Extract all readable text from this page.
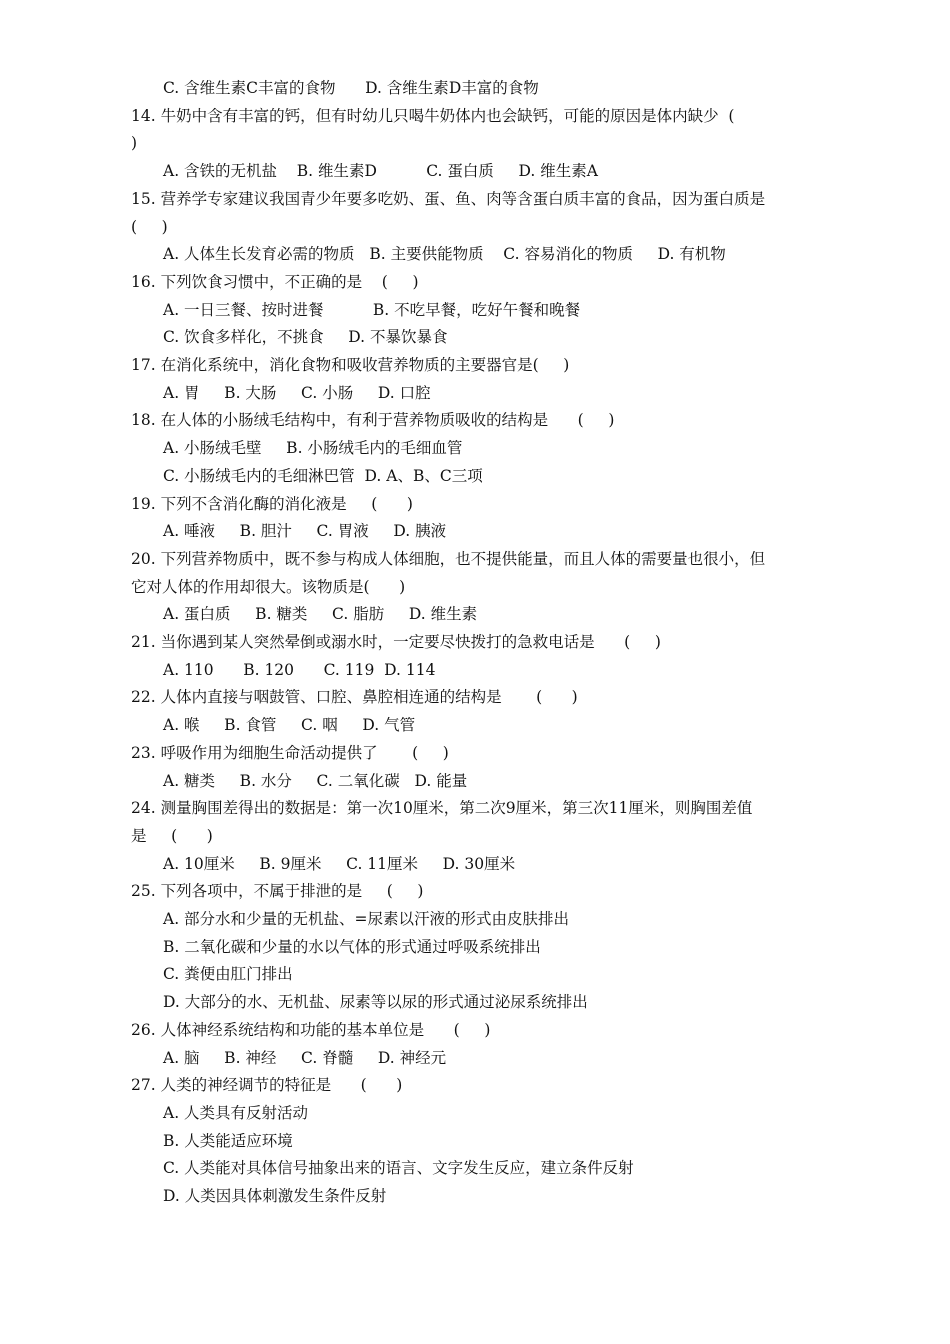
C. 含维生素C丰富的食物      D. 含维生素D丰富的食物
14. 牛奶中含有丰富的钙，但有时幼儿只喝牛奶体内也会缺钙，可能的原因是体内缺少  (
)
A. 含铁的无机盐    B. 维生素D          C. 蛋白质     D. 维生素A
15. 营养学专家建议我国青少年要多吃奶、蛋、鱼、肉等含蛋白质丰富的食品，因为蛋白质是
(     )
A. 人体生长发育必需的物质   B. 主要供能物质    C. 容易消化的物质     D. 有机物
16. 下列饮食习惯中，不正确的是    (     )
A. 一日三餐、按时进餐          B. 不吃早餐，吃好午餐和晚餐
C. 饮食多样化，不挑食     D. 不暴饮暴食
17. 在消化系统中，消化食物和吸收营养物质的主要器官是(     )
A. 胃     B. 大肠     C. 小肠     D. 口腔
18. 在人体的小肠绒毛结构中，有利于营养物质吸收的结构是      (     )
A. 小肠绒毛壁     B. 小肠绒毛内的毛细血管
C. 小肠绒毛内的毛细淋巴管  D. A、B、C三项
19. 下列不含消化酶的消化液是     (      )
A. 唾液     B. 胆汁     C. 胃液     D. 胰液
20. 下列营养物质中，既不参与构成人体细胞，也不提供能量，而且人体的需要量也很小，但
它对人体的作用却很大。该物质是(      )
A. 蛋白质     B. 糖类     C. 脂肪     D. 维生素
21. 当你遇到某人突然晕倒或溺水时，一定要尽快拨打的急救电话是      (     )
A. 110      B. 120      C. 119  D. 114
22. 人体内直接与咽鼓管、口腔、鼻腔相连通的结构是       (      )
A. 喉     B. 食管     C. 咽     D. 气管
23. 呼吸作用为细胞生命活动提供了       (     )
A. 糖类     B. 水分     C. 二氧化碳   D. 能量
24. 测量胸围差得出的数据是：第一次10厘米，第二次9厘米，第三次11厘米，则胸围差值
是     (      )
A. 10厘米     B. 9厘米     C. 11厘米     D. 30厘米
25. 下列各项中，不属于排泄的是     (     )
A. 部分水和少量的无机盐、=尿素以汗液的形式由皮肤排出
B. 二氧化碳和少量的水以气体的形式通过呼吸系统排出
C. 粪便由肛门排出
D. 大部分的水、无机盐、尿素等以尿的形式通过泌尿系统排出
26. 人体神经系统结构和功能的基本单位是      (     )
A. 脑     B. 神经     C. 脊髓     D. 神经元
27. 人类的神经调节的特征是      (      )
A. 人类具有反射活动
B. 人类能适应环境
C. 人类能对具体信号抽象出来的语言、文字发生反应，建立条件反射
D. 人类因具体刺激发生条件反射
